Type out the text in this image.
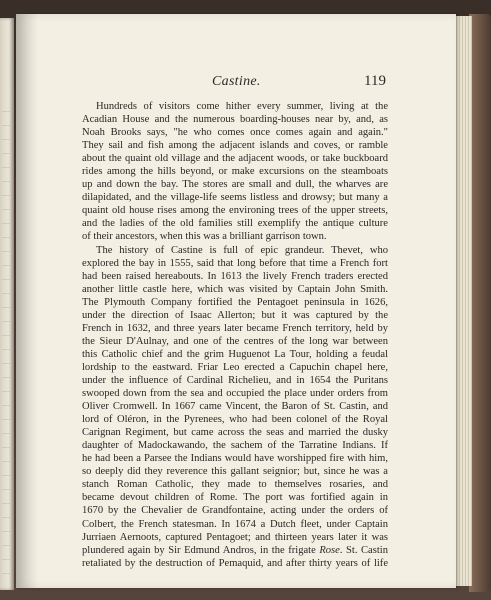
Castine.	119
Hundreds of visitors come hither every summer, living at the
Acadian House and the numerous boarding-houses near by, and, as
Noah Brooks says, "he who comes once comes again and again."
They sail and fish among the adjacent islands and coves, or ramble
about the quaint old village and the adjacent woods, or take buckboard
rides among the hills beyond, or make excursions on the steamboats
up and down the bay. The stores are small and dull, the wharves are
dilapidated, and the village-life seems listless and drowsy; but many a
quaint old house rises among the environing trees of the upper streets,
and the ladies of the old families still exemplify the antique culture
of their ancestors, when this was a brilliant garrison town.
The history of Castine is full of epic grandeur. Thevet, who
explored the bay in 1555, said that long before that time a French fort
had been raised hereabouts. In 1613 the lively French traders erected
another little castle here, which was visited by Captain John Smith.
The Plymouth Company fortified the Pentagoet peninsula in 1626,
under the direction of Isaac Allerton; but it was captured by the
French in 1632, and three years later became French territory, held by
the Sieur D'Aulnay, and one of the centres of the long war between
this Catholic chief and the grim Huguenot La Tour, holding a feudal
lordship to the eastward. Friar Leo erected a Capuchin chapel here,
under the influence of Cardinal Richelieu, and in 1654 the Puritans
swooped down from the sea and occupied the place under orders from
Oliver Cromwell. In 1667 came Vincent, the Baron of St. Castin, and
lord of Oléron, in the Pyrenees, who had been colonel of the Royal
Carignan Regiment, but came across the seas and married the dusky
daughter of Madockawando, the sachem of the Tarratine Indians. If
he had been a Parsee the Indians would have worshipped fire with him,
so deeply did they reverence this gallant seignior; but, since he was a
stanch Roman Catholic, they made to themselves rosaries, and
became devout children of Rome. The port was fortified again in
1670 by the Chevalier de Grandfontaine, acting under the orders of
Colbert, the French statesman. In 1674 a Dutch fleet, under Captain
Jurriaen Aernoots, captured Pentagoet; and thirteen years later it was
plundered again by Sir Edmund Andros, in the frigate Rose. St. Castin
retaliated by the destruction of Pemaquid, and after thirty years of life
